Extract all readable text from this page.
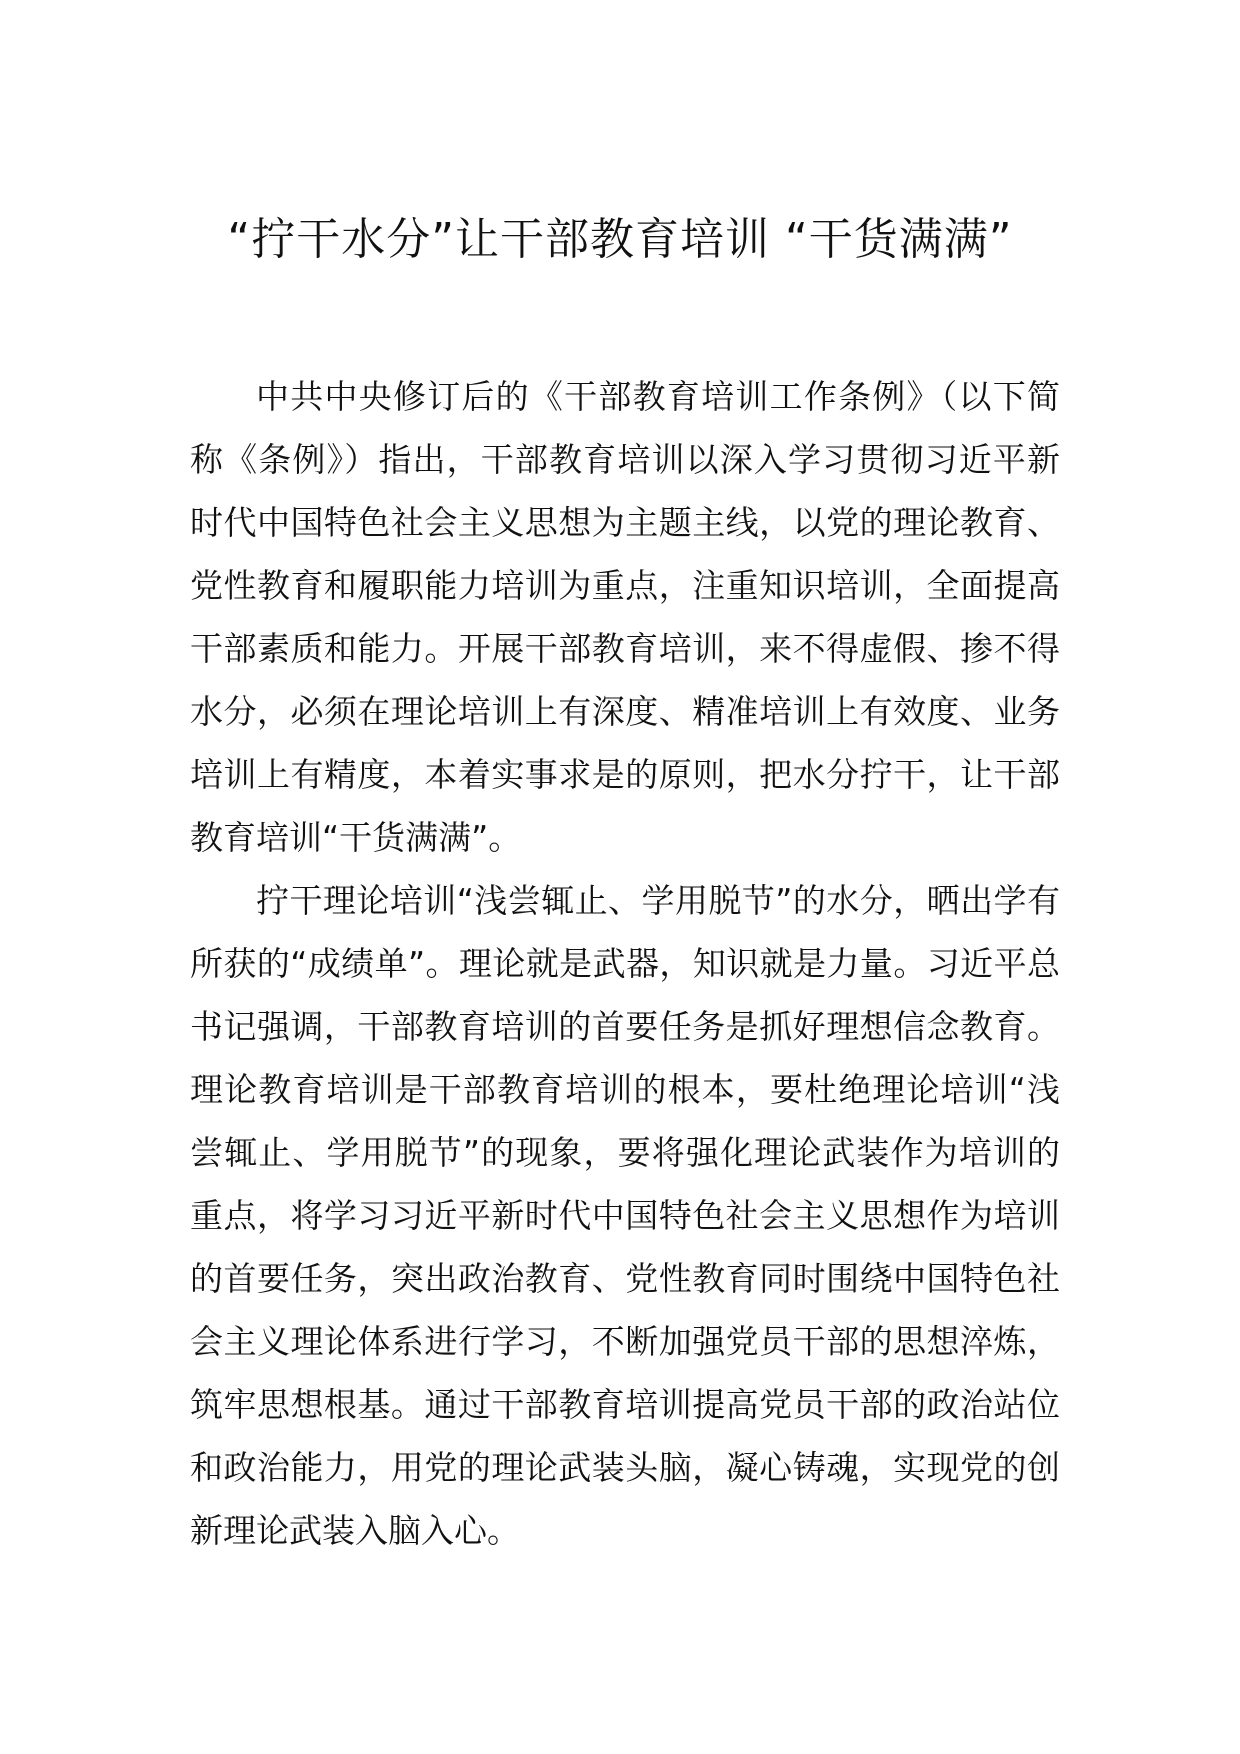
“拧干水分”让干部教育培训 “干货满满”

中共中央修订后的《干部教育培训工作条例》（以下简称《条例》）指出，干部教育培训以深入学习贯彻习近平新时代中国特色社会主义思想为主题主线，以党的理论教育、党性教育和履职能力培训为重点，注重知识培训，全面提高干部素质和能力。开展干部教育培训，来不得虚假、掺不得水分，必须在理论培训上有深度、精准培训上有效度、业务培训上有精度，本着实事求是的原则，把水分拧干，让干部教育培训“干货满满”。

拧干理论培训“浅尝辄止、学用脱节”的水分，晒出学有所获的“成绩单”。理论就是武器，知识就是力量。习近平总书记强调，干部教育培训的首要任务是抓好理想信念教育。理论教育培训是干部教育培训的根本，要杜绝理论培训“浅尝辄止、学用脱节”的现象，要将强化理论武装作为培训的重点，将学习习近平新时代中国特色社会主义思想作为培训的首要任务，突出政治教育、党性教育同时围绕中国特色社会主义理论体系进行学习，不断加强党员干部的思想淬炼，筑牢思想根基。通过干部教育培训提高党员干部的政治站位和政治能力，用党的理论武装头脑，凝心铸魂，实现党的创新理论武装入脑入心。
